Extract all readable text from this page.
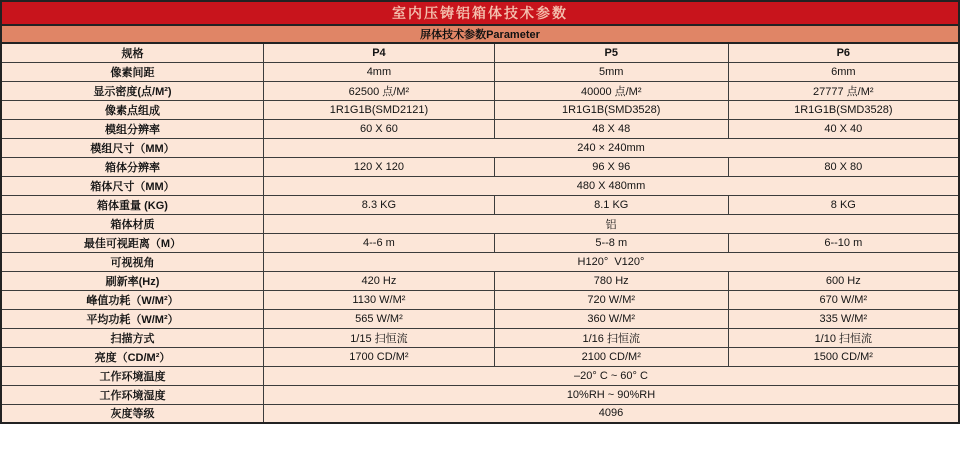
室内压铸铝箱体技术参数			
屏体技术参数Parameter			
规格	P4	P5	P6
像素间距	4mm	5mm	6mm
显示密度(点/M²)	62500 点/M²	40000 点/M²	27777 点/M²
像素点组成	1R1G1B(SMD2121)	1R1G1B(SMD3528)	1R1G1B(SMD3528)
模组分辨率	60 X 60	48 X 48	40 X 40
模组尺寸（MM）	240 × 240mm		
箱体分辨率	120 X 120	96 X 96	80 X 80
箱体尺寸（MM）	480 X 480mm		
箱体重量 (KG)	8.3 KG	8.1 KG	8 KG
箱体材质	铝		
最佳可视距离（M）	4--6 m	5--8 m	6--10 m
可视视角	H120°  V120°		
刷新率(Hz)	420 Hz	780 Hz	600 Hz
峰值功耗（W/M²）	1130 W/M²	720 W/M²	670 W/M²
平均功耗（W/M²）	565 W/M²	360 W/M²	335 W/M²
扫描方式	1/15 扫恒流	1/16 扫恒流	1/10 扫恒流
亮度（CD/M²）	1700 CD/M²	2100 CD/M²	1500 CD/M²
工作环境温度	–20° C ~ 60° C		
工作环境湿度	10%RH ~ 90%RH		
灰度等级	4096		
